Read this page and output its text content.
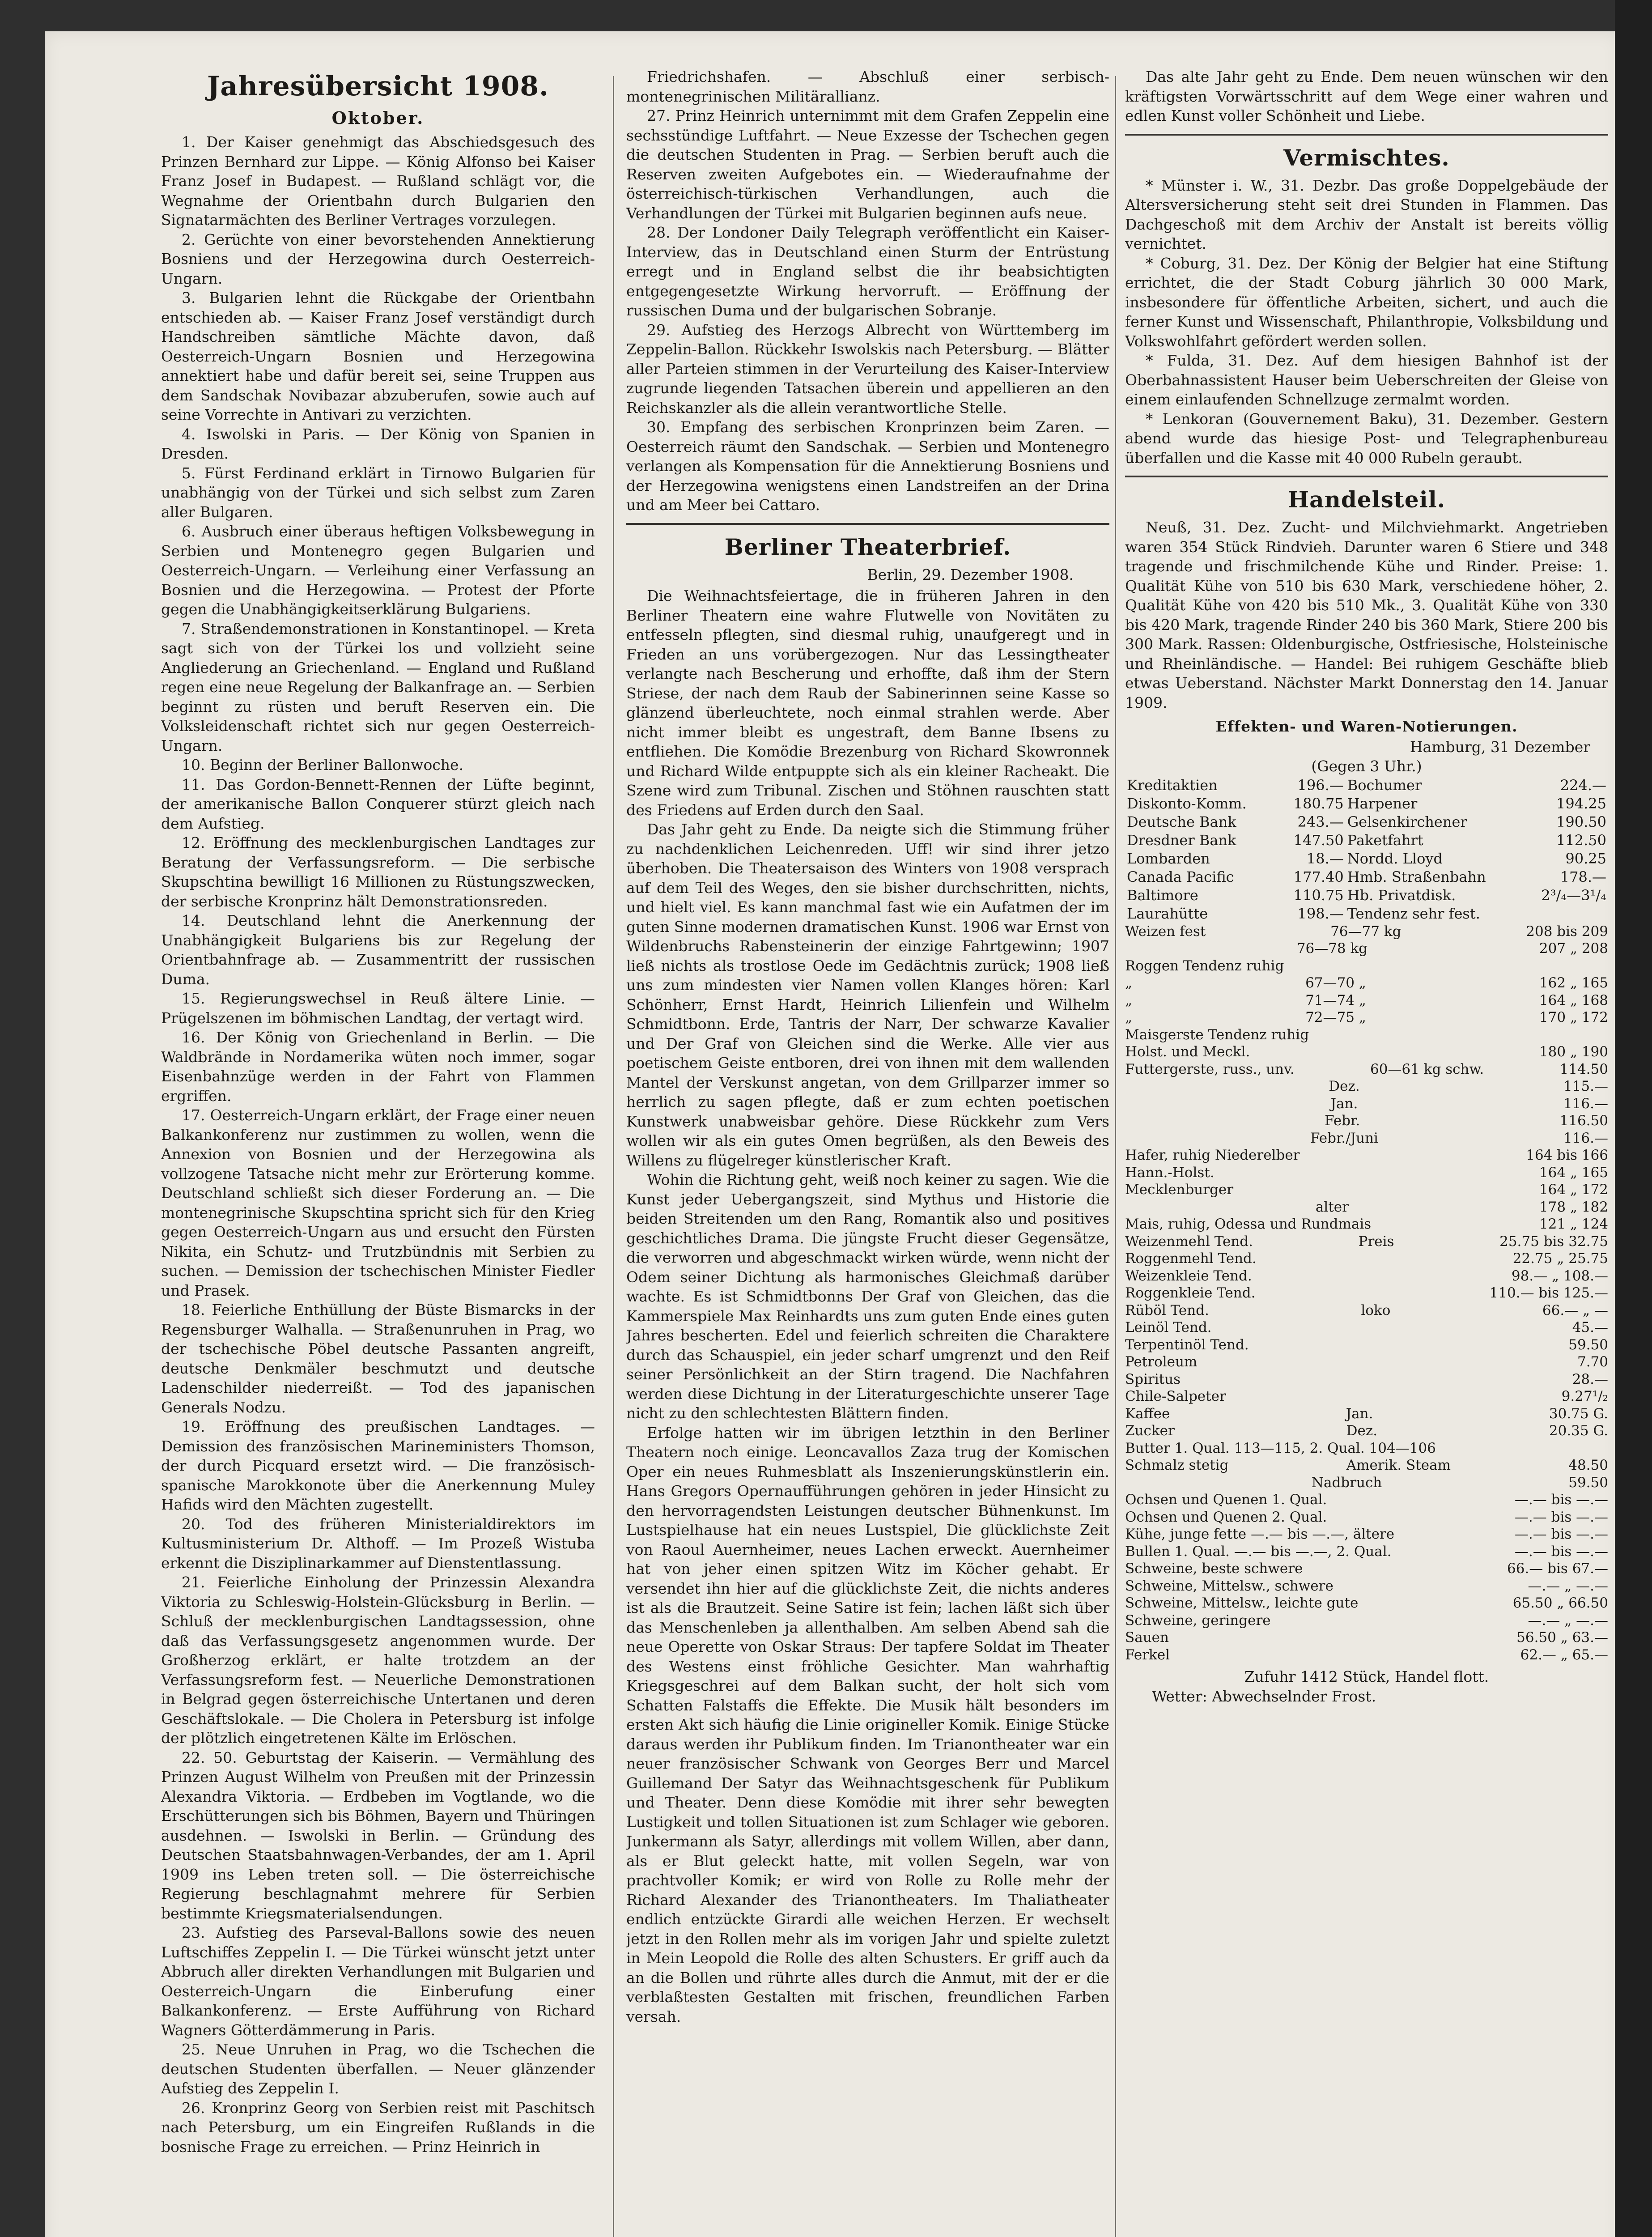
Jahresübersicht 1908.
Oktober.

1. Der Kaiser genehmigt das Abschiedsgesuch des Prinzen Bernhard zur Lippe. — König Alfonso bei Kaiser Franz Josef in Budapest. — Rußland schlägt vor, die Wegnahme der Orientbahn durch Bulgarien den Signatarmächten des Berliner Vertrages vorzulegen.

2. Gerüchte von einer bevorstehenden Annektierung Bosniens und der Herzegowina durch Oesterreich-Ungarn.

3. Bulgarien lehnt die Rückgabe der Orientbahn entschieden ab. — Kaiser Franz Josef verständigt durch Handschreiben sämtliche Mächte davon, daß Oesterreich-Ungarn Bosnien und Herzegowina annektiert habe und dafür bereit sei, seine Truppen aus dem Sandschak Novibazar abzuberufen, sowie auch auf seine Vorrechte in Antivari zu verzichten.

4. Iswolski in Paris. — Der König von Spanien in Dresden.

5. Fürst Ferdinand erklärt in Tirnowo Bulgarien für unabhängig von der Türkei und sich selbst zum Zaren aller Bulgaren.

6. Ausbruch einer überaus heftigen Volksbewegung in Serbien und Montenegro gegen Bulgarien und Oesterreich-Ungarn. — Verleihung einer Verfassung an Bosnien und die Herzegowina. — Protest der Pforte gegen die Unabhängigkeitserklärung Bulgariens.

7. Straßendemonstrationen in Konstantinopel. — Kreta sagt sich von der Türkei los und vollzieht seine Angliederung an Griechenland. — England und Rußland regen eine neue Regelung der Balkanfrage an. — Serbien beginnt zu rüsten und beruft Reserven ein. Die Volksleidenschaft richtet sich nur gegen Oesterreich-Ungarn.

10. Beginn der Berliner Ballonwoche.

11. Das Gordon-Bennett-Rennen der Lüfte beginnt, der amerikanische Ballon Conquerer stürzt gleich nach dem Aufstieg.

12. Eröffnung des mecklenburgischen Landtages zur Beratung der Verfassungsreform. — Die serbische Skupschtina bewilligt 16 Millionen zu Rüstungszwecken, der serbische Kronprinz hält Demonstrationsreden.

14. Deutschland lehnt die Anerkennung der Unabhängigkeit Bulgariens bis zur Regelung der Orientbahnfrage ab. — Zusammentritt der russischen Duma.

15. Regierungswechsel in Reuß ältere Linie. — Prügelszenen im böhmischen Landtag, der vertagt wird.

16. Der König von Griechenland in Berlin. — Die Waldbrände in Nordamerika wüten noch immer, sogar Eisenbahnzüge werden in der Fahrt von Flammen ergriffen.

17. Oesterreich-Ungarn erklärt, der Frage einer neuen Balkankonferenz nur zustimmen zu wollen, wenn die Annexion von Bosnien und der Herzegowina als vollzogene Tatsache nicht mehr zur Erörterung komme. Deutschland schließt sich dieser Forderung an. — Die montenegrinische Skupschtina spricht sich für den Krieg gegen Oesterreich-Ungarn aus und ersucht den Fürsten Nikita, ein Schutz- und Trutzbündnis mit Serbien zu suchen. — Demission der tschechischen Minister Fiedler und Prasek.

18. Feierliche Enthüllung der Büste Bismarcks in der Regensburger Walhalla. — Straßenunruhen in Prag, wo der tschechische Pöbel deutsche Passanten angreift, deutsche Denkmäler beschmutzt und deutsche Ladenschilder niederreißt. — Tod des japanischen Generals Nodzu.

19. Eröffnung des preußischen Landtages. — Demission des französischen Marineministers Thomson, der durch Picquard ersetzt wird. — Die französisch-spanische Marokkonote über die Anerkennung Muley Hafids wird den Mächten zugestellt.

20. Tod des früheren Ministerialdirektors im Kultusministerium Dr. Althoff. — Im Prozeß Wistuba erkennt die Disziplinarkammer auf Dienstentlassung.

21. Feierliche Einholung der Prinzessin Alexandra Viktoria zu Schleswig-Holstein-Glücksburg in Berlin. — Schluß der mecklenburgischen Landtagssession, ohne daß das Verfassungsgesetz angenommen wurde. Der Großherzog erklärt, er halte trotzdem an der Verfassungsreform fest. — Neuerliche Demonstrationen in Belgrad gegen österreichische Untertanen und deren Geschäftslokale. — Die Cholera in Petersburg ist infolge der plötzlich eingetretenen Kälte im Erlöschen.

22. 50. Geburtstag der Kaiserin. — Vermählung des Prinzen August Wilhelm von Preußen mit der Prinzessin Alexandra Viktoria. — Erdbeben im Vogtlande, wo die Erschütterungen sich bis Böhmen, Bayern und Thüringen ausdehnen. — Iswolski in Berlin. — Gründung des Deutschen Staatsbahnwagen-Verbandes, der am 1. April 1909 ins Leben treten soll. — Die österreichische Regierung beschlagnahmt mehrere für Serbien bestimmte Kriegsmaterialsendungen.

23. Aufstieg des Parseval-Ballons sowie des neuen Luftschiffes Zeppelin I. — Die Türkei wünscht jetzt unter Abbruch aller direkten Verhandlungen mit Bulgarien und Oesterreich-Ungarn die Einberufung einer Balkankonferenz. — Erste Aufführung von Richard Wagners Götterdämmerung in Paris.

25. Neue Unruhen in Prag, wo die Tschechen die deutschen Studenten überfallen. — Neuer glänzender Aufstieg des Zeppelin I.

26. Kronprinz Georg von Serbien reist mit Paschitsch nach Petersburg, um ein Eingreifen Rußlands in die bosnische Frage zu erreichen. — Prinz Heinrich in

Friedrichshafen. — Abschluß einer serbisch-montenegrinischen Militärallianz.

27. Prinz Heinrich unternimmt mit dem Grafen Zeppelin eine sechsstündige Luftfahrt. — Neue Exzesse der Tschechen gegen die deutschen Studenten in Prag. — Serbien beruft auch die Reserven zweiten Aufgebotes ein. — Wiederaufnahme der österreichisch-türkischen Verhandlungen, auch die Verhandlungen der Türkei mit Bulgarien beginnen aufs neue.

28. Der Londoner Daily Telegraph veröffentlicht ein Kaiser-Interview, das in Deutschland einen Sturm der Entrüstung erregt und in England selbst die ihr beabsichtigten entgegengesetzte Wirkung hervorruft. — Eröffnung der russischen Duma und der bulgarischen Sobranje.

29. Aufstieg des Herzogs Albrecht von Württemberg im Zeppelin-Ballon. Rückkehr Iswolskis nach Petersburg. — Blätter aller Parteien stimmen in der Verurteilung des Kaiser-Interview zugrunde liegenden Tatsachen überein und appellieren an den Reichskanzler als die allein verantwortliche Stelle.

30. Empfang des serbischen Kronprinzen beim Zaren. — Oesterreich räumt den Sandschak. — Serbien und Montenegro verlangen als Kompensation für die Annektierung Bosniens und der Herzegowina wenigstens einen Landstreifen an der Drina und am Meer bei Cattaro.

Berliner Theaterbrief.
Berlin, 29. Dezember 1908.

Die Weihnachtsfeiertage, die in früheren Jahren in den Berliner Theatern eine wahre Flutwelle von Novitäten zu entfesseln pflegten, sind diesmal ruhig, unaufgeregt und in Frieden an uns vorübergezogen. Nur das Lessingtheater verlangte nach Bescherung und erhoffte, daß ihm der Stern Striese, der nach dem Raub der Sabinerinnen seine Kasse so glänzend überleuchtete, noch einmal strahlen werde. Aber nicht immer bleibt es ungestraft, dem Banne Ibsens zu entfliehen. Die Komödie Brezenburg von Richard Skowronnek und Richard Wilde entpuppte sich als ein kleiner Racheakt. Die Szene wird zum Tribunal. Zischen und Stöhnen rauschten statt des Friedens auf Erden durch den Saal.

Das Jahr geht zu Ende. Da neigte sich die Stimmung früher zu nachdenklichen Leichenreden. Uff! wir sind ihrer jetzo überhoben. Die Theatersaison des Winters von 1908 versprach auf dem Teil des Weges, den sie bisher durchschritten, nichts, und hielt viel. Es kann manchmal fast wie ein Aufatmen der im guten Sinne modernen dramatischen Kunst. 1906 war Ernst von Wildenbruchs Rabensteinerin der einzige Fahrtgewinn; 1907 ließ nichts als trostlose Oede im Gedächtnis zurück; 1908 ließ uns zum mindesten vier Namen vollen Klanges hören: Karl Schönherr, Ernst Hardt, Heinrich Lilienfein und Wilhelm Schmidtbonn. Erde, Tantris der Narr, Der schwarze Kavalier und Der Graf von Gleichen sind die Werke. Alle vier aus poetischem Geiste entboren, drei von ihnen mit dem wallenden Mantel der Verskunst angetan, von dem Grillparzer immer so herrlich zu sagen pflegte, daß er zum echten poetischen Kunstwerk unabweisbar gehöre. Diese Rückkehr zum Vers wollen wir als ein gutes Omen begrüßen, als den Beweis des Willens zu flügelreger künstlerischer Kraft.

Wohin die Richtung geht, weiß noch keiner zu sagen. Wie die Kunst jeder Uebergangszeit, sind Mythus und Historie die beiden Streitenden um den Rang, Romantik also und positives geschichtliches Drama. Die jüngste Frucht dieser Gegensätze, die verworren und abgeschmackt wirken würde, wenn nicht der Odem seiner Dichtung als harmonisches Gleichmaß darüber wachte. Es ist Schmidtbonns Der Graf von Gleichen, das die Kammerspiele Max Reinhardts uns zum guten Ende eines guten Jahres bescherten. Edel und feierlich schreiten die Charaktere durch das Schauspiel, ein jeder scharf umgrenzt und den Reif seiner Persönlichkeit an der Stirn tragend. Die Nachfahren werden diese Dichtung in der Literaturgeschichte unserer Tage nicht zu den schlechtesten Blättern finden.

Erfolge hatten wir im übrigen letzthin in den Berliner Theatern noch einige. Leoncavallos Zaza trug der Komischen Oper ein neues Ruhmesblatt als Inszenierungskünstlerin ein. Hans Gregors Opernaufführungen gehören in jeder Hinsicht zu den hervorragendsten Leistungen deutscher Bühnenkunst. Im Lustspielhause hat ein neues Lustspiel, Die glücklichste Zeit von Raoul Auernheimer, neues Lachen erweckt. Auernheimer hat von jeher einen spitzen Witz im Köcher gehabt. Er versendet ihn hier auf die glücklichste Zeit, die nichts anderes ist als die Brautzeit. Seine Satire ist fein; lachen läßt sich über das Menschenleben ja allenthalben. Am selben Abend sah die neue Operette von Oskar Straus: Der tapfere Soldat im Theater des Westens einst fröhliche Gesichter. Man wahrhaftig Kriegsgeschrei auf dem Balkan sucht, der holt sich vom Schatten Falstaffs die Effekte. Die Musik hält besonders im ersten Akt sich häufig die Linie origineller Komik. Einige Stücke daraus werden ihr Publikum finden. Im Trianontheater war ein neuer französischer Schwank von Georges Berr und Marcel Guillemand Der Satyr das Weihnachtsgeschenk für Publikum und Theater. Denn diese Komödie mit ihrer sehr bewegten Lustigkeit und tollen Situationen ist zum Schlager wie geboren. Junkermann als Satyr, allerdings mit vollem Willen, aber dann, als er Blut geleckt hatte, mit vollen Segeln, war von prachtvoller Komik; er wird von Rolle zu Rolle mehr der Richard Alexander des Trianontheaters. Im Thaliatheater endlich entzückte Girardi alle weichen Herzen. Er wechselt jetzt in den Rollen mehr als im vorigen Jahr und spielte zuletzt in Mein Leopold die Rolle des alten Schusters. Er griff auch da an die Bollen und rührte alles durch die Anmut, mit der er die verblaßtesten Gestalten mit frischen, freundlichen Farben versah.

Das alte Jahr geht zu Ende. Dem neuen wünschen wir den kräftigsten Vorwärtsschritt auf dem Wege einer wahren und edlen Kunst voller Schönheit und Liebe.

Vermischtes.

* Münster i. W., 31. Dezbr. Das große Doppelgebäude der Altersversicherung steht seit drei Stunden in Flammen. Das Dachgeschoß mit dem Archiv der Anstalt ist bereits völlig vernichtet.

* Coburg, 31. Dez. Der König der Belgier hat eine Stiftung errichtet, die der Stadt Coburg jährlich 30 000 Mark, insbesondere für öffentliche Arbeiten, sichert, und auch die ferner Kunst und Wissenschaft, Philanthropie, Volksbildung und Volkswohlfahrt gefördert werden sollen.

* Fulda, 31. Dez. Auf dem hiesigen Bahnhof ist der Oberbahnassistent Hauser beim Ueberschreiten der Gleise von einem einlaufenden Schnellzuge zermalmt worden.

* Lenkoran (Gouvernement Baku), 31. Dezember. Gestern abend wurde das hiesige Post- und Telegraphenbureau überfallen und die Kasse mit 40 000 Rubeln geraubt.

Handelsteil.

Neuß, 31. Dez. Zucht- und Milchviehmarkt. Angetrieben waren 354 Stück Rindvieh. Darunter waren 6 Stiere und 348 tragende und frischmilchende Kühe und Rinder. Preise: 1. Qualität Kühe von 510 bis 630 Mark, verschiedene höher, 2. Qualität Kühe von 420 bis 510 Mk., 3. Qualität Kühe von 330 bis 420 Mark, tragende Rinder 240 bis 360 Mark, Stiere 200 bis 300 Mark. Rassen: Oldenburgische, Ostfriesische, Holsteinische und Rheinländische. — Handel: Bei ruhigem Geschäfte blieb etwas Ueberstand. Nächster Markt Donnerstag den 14. Januar 1909.

Effekten- und Waren-Notierungen.
Hamburg, 31 Dezember
(Gegen 3 Uhr.)
Kreditaktien	196.—	Bochumer	224.—
Diskonto-Komm.	180.75	Harpener	194.25
Deutsche Bank	243.—	Gelsenkirchener	190.50
Dresdner Bank	147.50	Paketfahrt	112.50
Lombarden	18.—	Nordd. Lloyd	90.25
Canada Pacific	177.40	Hmb. Straßenbahn	178.—
Baltimore	110.75	Hb. Privatdisk.	2³/₄—3¹/₄
Laurahütte	198.—	Tendenz sehr fest.	
Weizen fest	76—77 kg	208 bis 209
76—78 kg	207 „ 208
Roggen Tendenz ruhig
„	67—70 „	162 „ 165
„	71—74 „	164 „ 168
„	72—75 „	170 „ 172
Maisgerste Tendenz ruhig
Holst. und Meckl.	180 „ 190
Futtergerste, russ., unv.	60—61 kg schw.	114.50
Dez.	115.—
Jan.	116.—
Febr.	116.50
Febr./Juni	116.—
Hafer, ruhig Niederelber	164 bis 166
Hann.-Holst.	164 „ 165
Mecklenburger	164 „ 172
alter	178 „ 182
Mais, ruhig, Odessa und Rundmais	121 „ 124
Weizenmehl Tend.	Preis	25.75 bis 32.75
Roggenmehl Tend.	22.75 „ 25.75
Weizenkleie Tend.	98.— „ 108.—
Roggenkleie Tend.	110.— bis 125.—
Rüböl Tend.	loko	66.— „ —
Leinöl Tend.	45.—
Terpentinöl Tend.	59.50
Petroleum	7.70
Spiritus	28.—
Chile-Salpeter	9.27¹/₂
Kaffee	Jan.	30.75 G.
Zucker	Dez.	20.35 G.
Butter 1. Qual. 113—115, 2. Qual. 104—106
Schmalz stetig	Amerik. Steam	48.50
Nadbruch	59.50
Ochsen und Quenen 1. Qual.	—.— bis —.—
Ochsen und Quenen 2. Qual.	—.— bis —.—
Kühe, junge fette —.— bis —.—, ältere	—.— bis —.—
Bullen 1. Qual. —.— bis —.—, 2. Qual.	—.— bis —.—
Schweine, beste schwere	66.— bis 67.—
Schweine, Mittelsw., schwere	—.— „ —.—
Schweine, Mittelsw., leichte gute	65.50 „ 66.50
Schweine, geringere	—.— „ —.—
Sauen	56.50 „ 63.—
Ferkel	62.— „ 65.—
Zufuhr 1412 Stück, Handel flott.
Wetter: Abwechselnder Frost.
